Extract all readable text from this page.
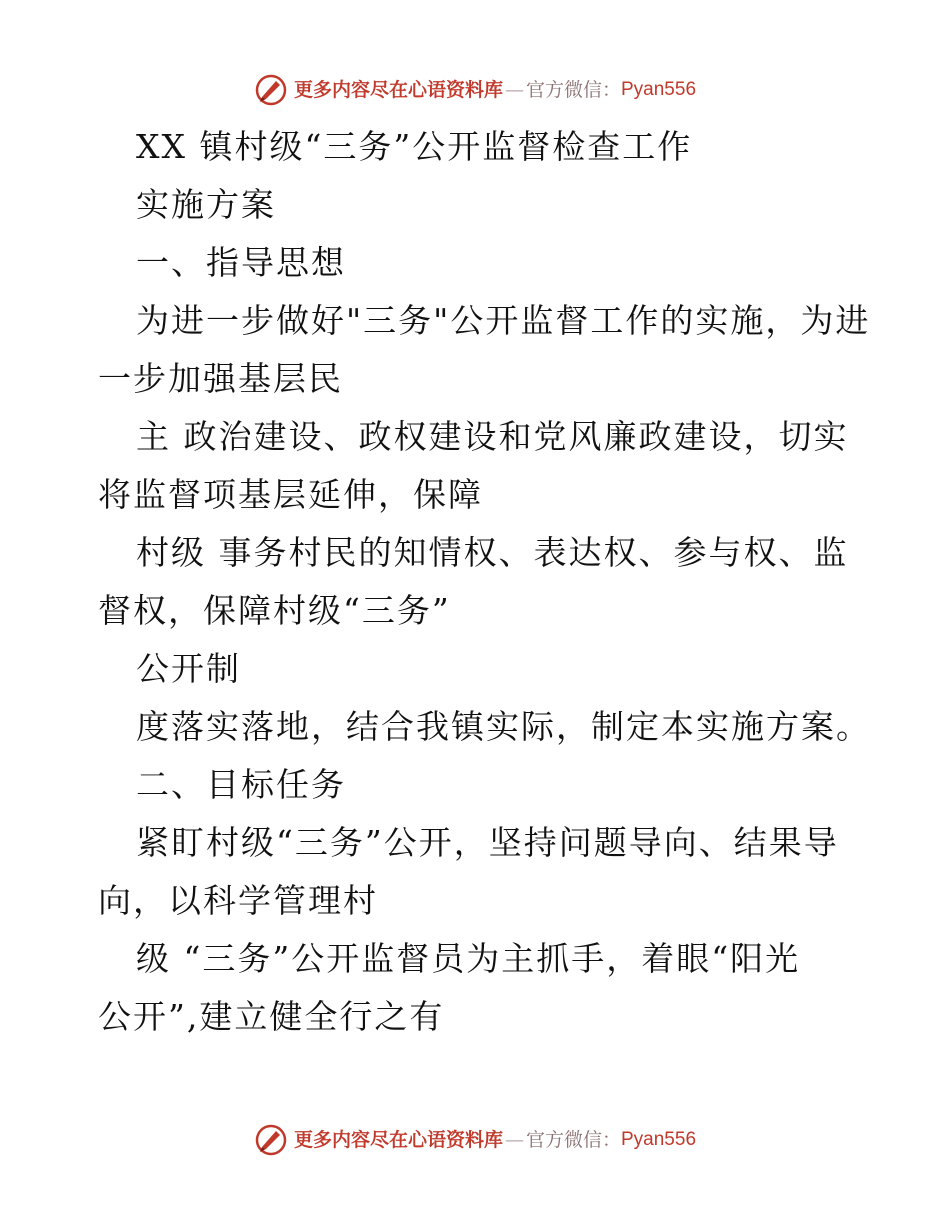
更多内容尽在心语资料库 — 官方微信： Pyan556
XX 镇村级“三务”公开监督检查工作
实施方案
一、指导思想
为进一步做好"三务"公开监督工作的实施，为进
一步加强基层民
主 政治建设、政权建设和党风廉政建设，切实
将监督项基层延伸，保障
村级 事务村民的知情权、表达权、参与权、监
督权，保障村级“三务”
公开制
度落实落地，结合我镇实际，制定本实施方案。
二、目标任务
紧盯村级“三务”公开，坚持问题导向、结果导
向，以科学管理村
级 “三务”公开监督员为主抓手，着眼“阳光
公开”,建立健全行之有
更多内容尽在心语资料库 — 官方微信： Pyan556
